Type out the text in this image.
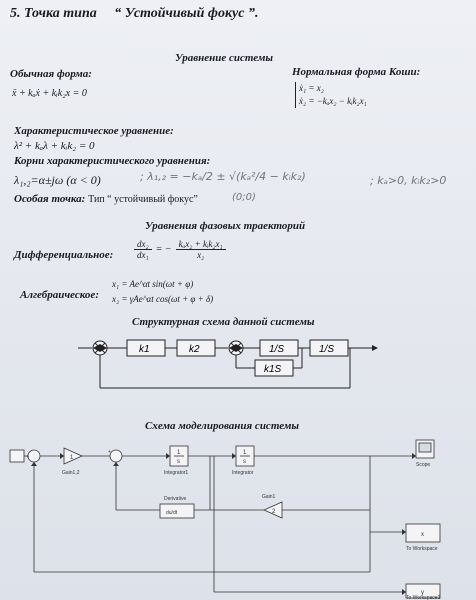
5. Точка типа “ Устойчивый фокус ”.
Уравнение системы
Обычная форма:
ẍ + kₐẋ + kᵢk₂x = 0
Нормальная форма Коши:
ẋ₁ = x₂
ẋ₂ = −kₐx₂ − kᵢk₂x₁
Характеристическое уравнение:
λ² + kₐλ + kᵢk₂ = 0
Корни характеристического уравнения:
λ₁,₂=α±jω (α < 0)	; λ₁,₂ = −kₐ/2 ± √(kₐ²/4 − kᵢk₂)	; kₐ>0, kᵢk₂>0
(0;0)
Особая точка: Тип “ устойчивый фокус”
Уравнения фазовых траекторий
Дифференциальное: $\frac{\text{dx₂}}{\text{dx₁}}$ = − $\frac{\text{kₐx₂ + kᵢk₂x₁}}{\text{x₂}}$
Алгебраическое:
x₁ = Ae^αt sin(ωt + φ)
x₂ = γAe^αt cos(ωt + φ + δ)
Структурная схема данной системы
k1	k2	1/S	1/S
k1S
Схема моделирования системы
+
+
1
Gain1,2
1
s
Integrator1
1
s
Integrator
Scope
Derivative
du/dt
Gain1
2
x
To Workspace
y
To Workspace1
